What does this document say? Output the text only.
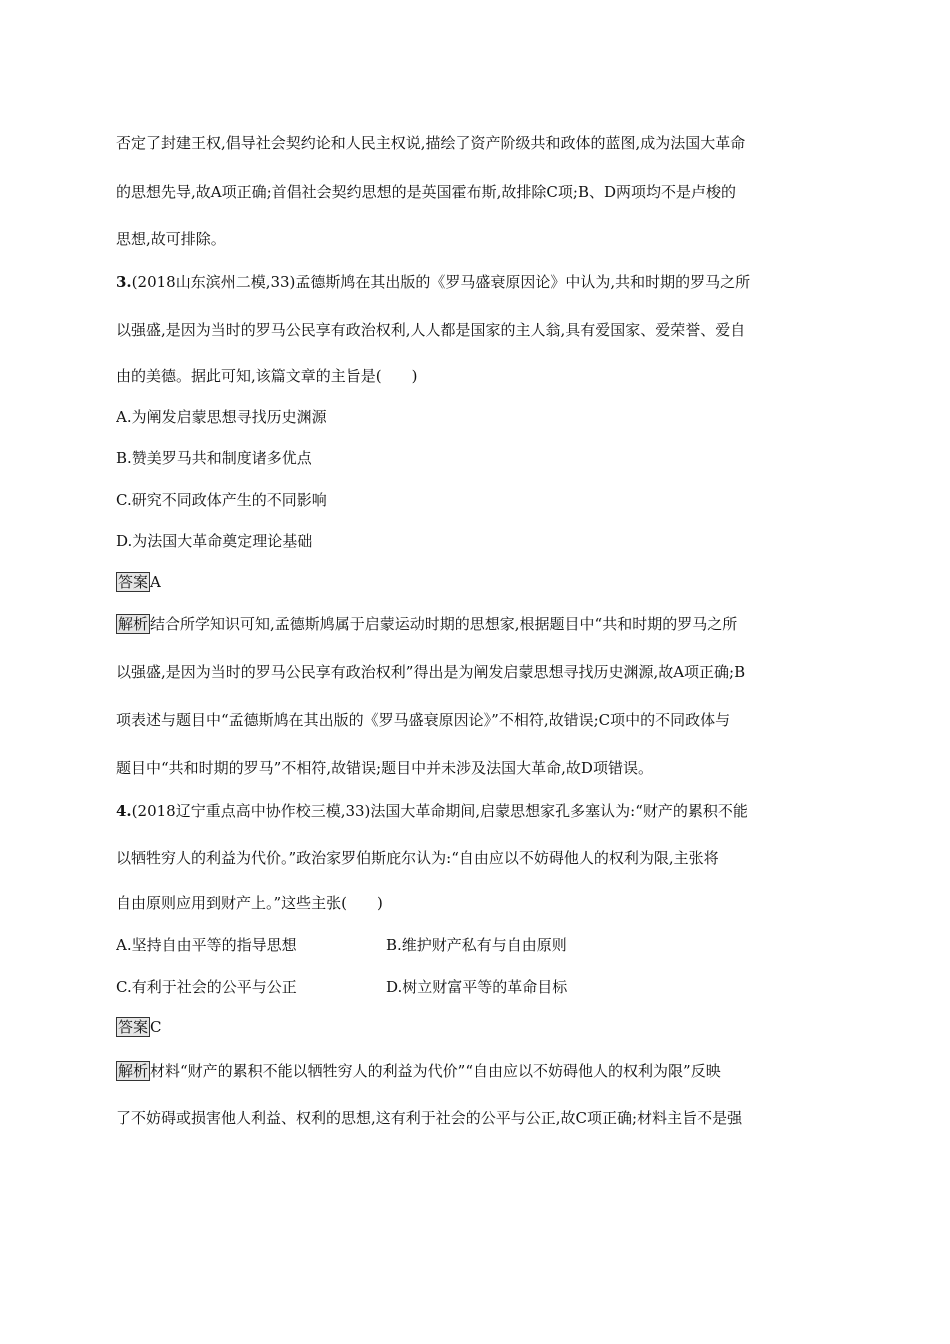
否定了封建王权,倡导社会契约论和人民主权说,描绘了资产阶级共和政体的蓝图,成为法国大革命
的思想先导,故A项正确;首倡社会契约思想的是英国霍布斯,故排除C项;B、D两项均不是卢梭的
思想,故可排除。
3.(2018山东滨州二模,33)孟德斯鸠在其出版的《罗马盛衰原因论》中认为,共和时期的罗马之所
以强盛,是因为当时的罗马公民享有政治权利,人人都是国家的主人翁,具有爱国家、爱荣誉、爱自
由的美德。据此可知,该篇文章的主旨是(　　)
A.为阐发启蒙思想寻找历史渊源
B.赞美罗马共和制度诸多优点
C.研究不同政体产生的不同影响
D.为法国大革命奠定理论基础
答案 A
解析 结合所学知识可知,孟德斯鸠属于启蒙运动时期的思想家,根据题目中“共和时期的罗马之所
以强盛,是因为当时的罗马公民享有政治权利”得出是为阐发启蒙思想寻找历史渊源,故A项正确;B
项表述与题目中“孟德斯鸠在其出版的《罗马盛衰原因论》”不相符,故错误;C项中的不同政体与
题目中“共和时期的罗马”不相符,故错误;题目中并未涉及法国大革命,故D项错误。
4.(2018辽宁重点高中协作校三模,33)法国大革命期间,启蒙思想家孔多塞认为:“财产的累积不能
以牺牲穷人的利益为代价。”政治家罗伯斯庇尔认为:“自由应以不妨碍他人的权利为限,主张将
自由原则应用到财产上。”这些主张(　　)
A.坚持自由平等的指导思想	B.维护财产私有与自由原则
C.有利于社会的公平与公正	D.树立财富平等的革命目标
答案 C
解析 材料“财产的累积不能以牺牲穷人的利益为代价”“自由应以不妨碍他人的权利为限”反映
了不妨碍或损害他人利益、权利的思想,这有利于社会的公平与公正,故C项正确;材料主旨不是强
